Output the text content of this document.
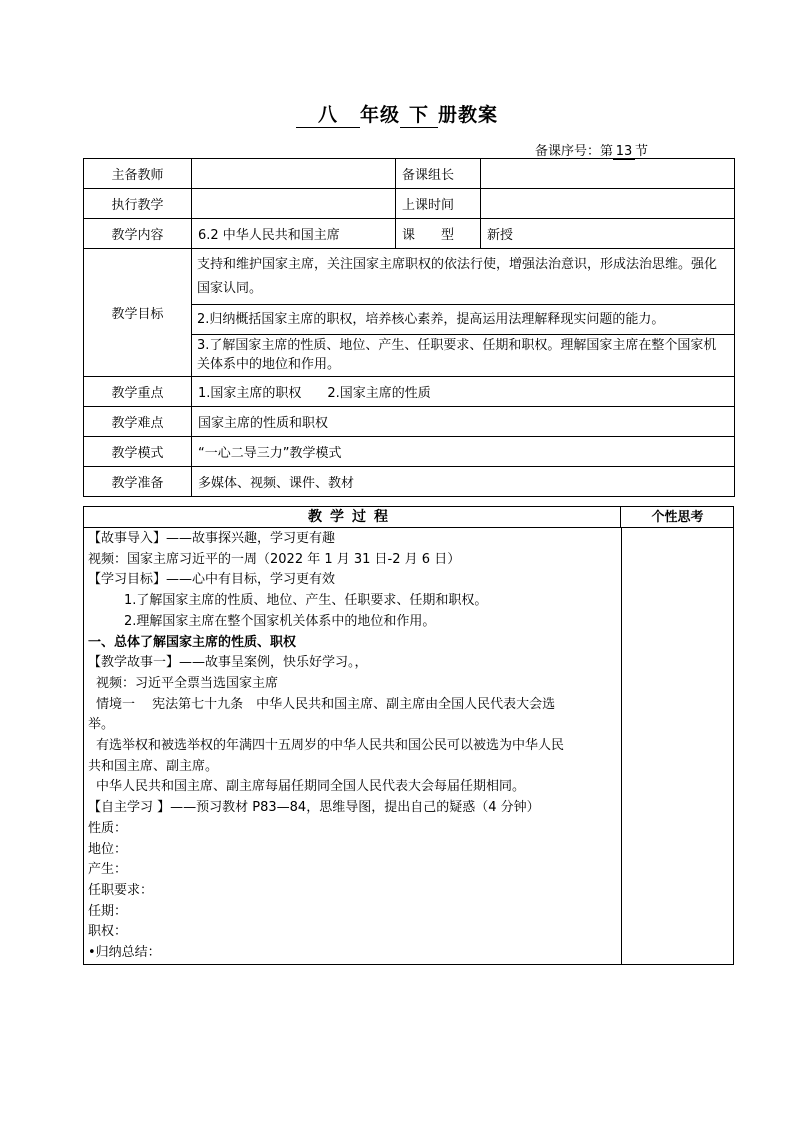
八 年级 下 册教案
备课序号：第 13 节
主备教师		备课组长	
执行教学		上课时间	
教学内容	6.2 中华人民共和国主席	课　　型	新授
教学目标	支持和维护国家主席，关注国家主席职权的依法行使，增强法治意识，形成法治思维。强化国家认同。
2.归纳概括国家主席的职权，培养核心素养，提高运用法理解释现实问题的能力。
3.了解国家主席的性质、地位、产生、任职要求、任期和职权。理解国家主席在整个国家机关体系中的地位和作用。		

教学重点	1.国家主席的职权　　2.国家主席的性质		
教学难点	国家主席的性质和职权		
教学模式	“一心二导三力”教学模式		
教学准备	多媒体、视频、课件、教材		
教学过程	个性思考

【故事导入】——故事探兴趣，学习更有趣

视频：国家主席习近平的一周（2022 年 1 月 31 日-2 月 6 日）

【学习目标】——心中有目标，学习更有效

1.了解国家主席的性质、地位、产生、任职要求、任期和职权。

2.理解国家主席在整个国家机关体系中的地位和作用。

一、总体了解国家主席的性质、职权

【教学故事一】——故事呈案例，快乐好学习。，

视频：习近平全票当选国家主席

情境一　 宪法第七十九条　中华人民共和国主席、副主席由全国人民代表大会选

举。

有选举权和被选举权的年满四十五周岁的中华人民共和国公民可以被选为中华人民

共和国主席、副主席。

中华人民共和国主席、副主席每届任期同全国人民代表大会每届任期相同。

【自主学习 】——预习教材 P83—84，思维导图，提出自己的疑惑（4 分钟）

性质：

地位：

产生：

任职要求：

任期：

职权：

•归纳总结：
